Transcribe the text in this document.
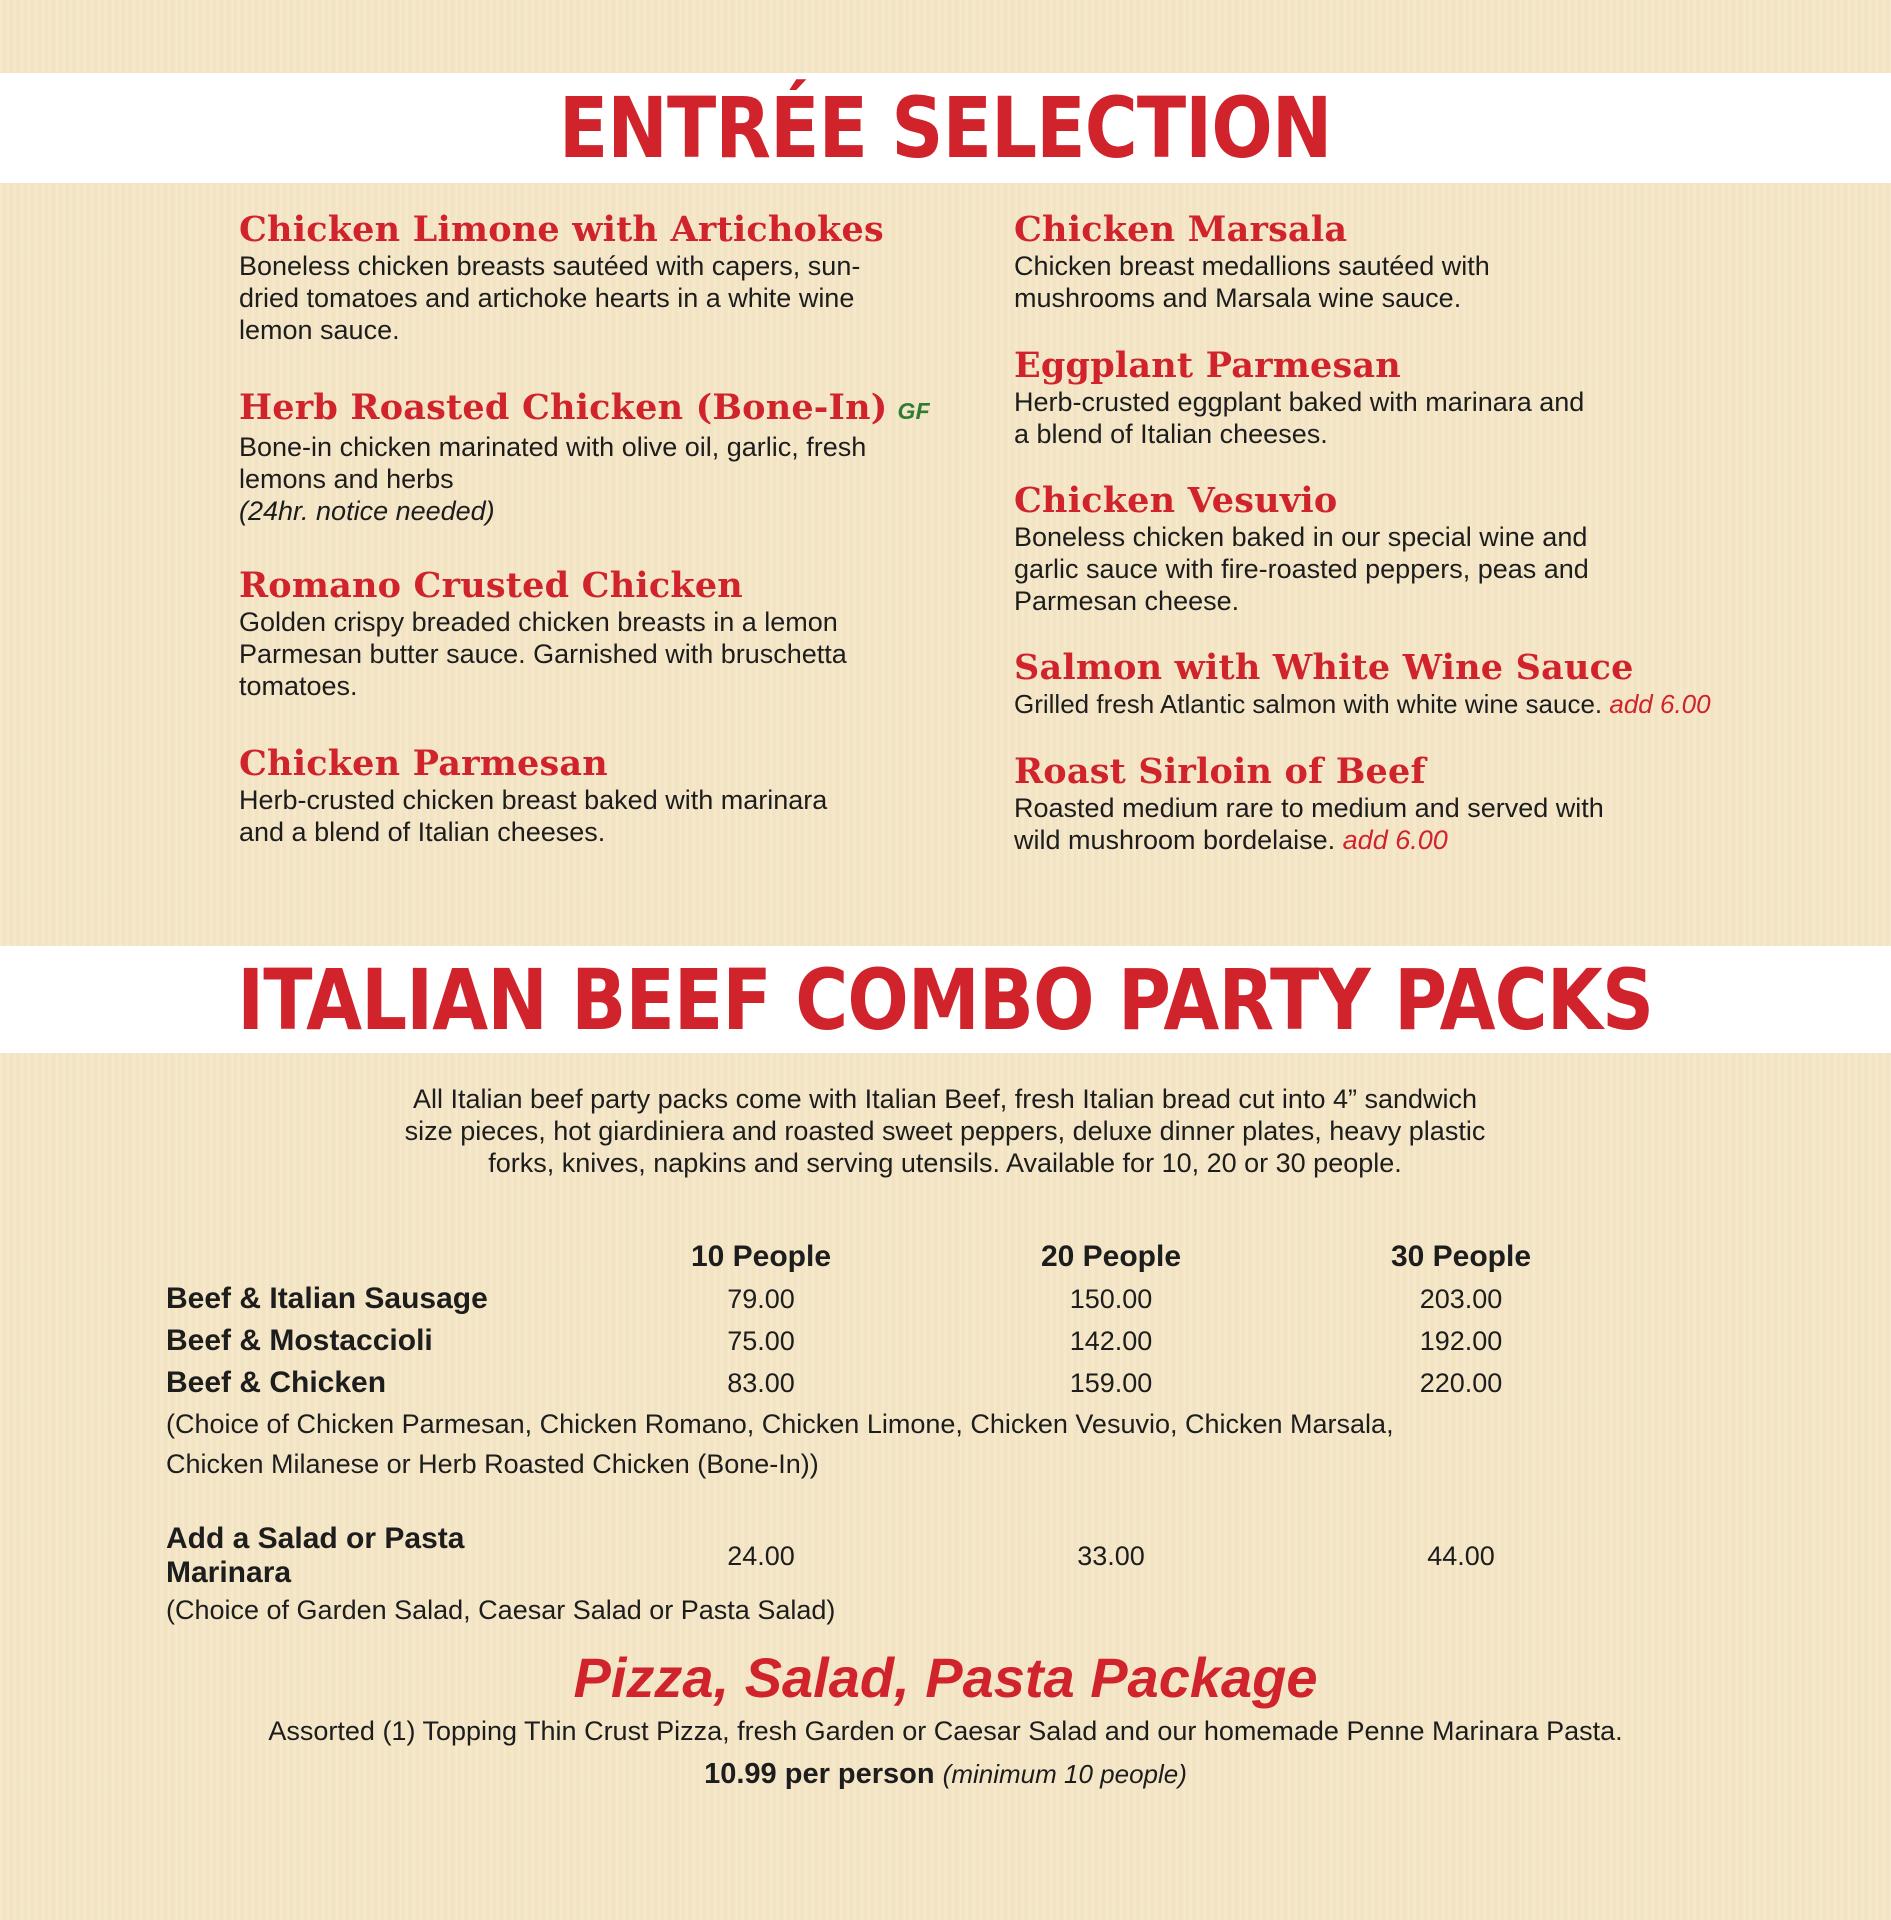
ENTRÉE SELECTION

Chicken Limone with Artichokes

Boneless chicken breasts sautéed with capers, sun-dried tomatoes and artichoke hearts in a white wine lemon sauce.

Herb Roasted Chicken (Bone-In) GF

Bone-in chicken marinated with olive oil, garlic, fresh lemons and herbs

(24hr. notice needed)

Romano Crusted Chicken

Golden crispy breaded chicken breasts in a lemon Parmesan butter sauce. Garnished with bruschetta tomatoes.

Chicken Parmesan

Herb-crusted chicken breast baked with marinara and a blend of Italian cheeses.

Chicken Marsala

Chicken breast medallions sautéed with mushrooms and Marsala wine sauce.

Eggplant Parmesan

Herb-crusted eggplant baked with marinara and a blend of Italian cheeses.

Chicken Vesuvio

Boneless chicken baked in our special wine and garlic sauce with fire-roasted peppers, peas and Parmesan cheese.

Salmon with White Wine Sauce

Grilled fresh Atlantic salmon with white wine sauce. add 6.00

Roast Sirloin of Beef

Roasted medium rare to medium and served with wild mushroom bordelaise. add 6.00

ITALIAN BEEF COMBO PARTY PACKS

All Italian beef party packs come with Italian Beef, fresh Italian bread cut into 4” sandwich size pieces, hot giardiniera and roasted sweet peppers, deluxe dinner plates, heavy plastic forks, knives, napkins and serving utensils. Available for 10, 20 or 30 people.

	10 People	20 People	30 People
Beef & Italian Sausage	79.00	150.00	203.00
Beef & Mostaccioli	75.00	142.00	192.00
Beef & Chicken	83.00	159.00	220.00
(Choice of Chicken Parmesan, Chicken Romano, Chicken Limone, Chicken Vesuvio, Chicken Marsala,			
Chicken Milanese or Herb Roasted Chicken (Bone-In))			

Add a Salad or Pasta Marinara	24.00	33.00	44.00
(Choice of Garden Salad, Caesar Salad or Pasta Salad)			
Pizza, Salad, Pasta Package

Assorted (1) Topping Thin Crust Pizza, fresh Garden or Caesar Salad and our homemade Penne Marinara Pasta.

10.99 per person (minimum 10 people)
